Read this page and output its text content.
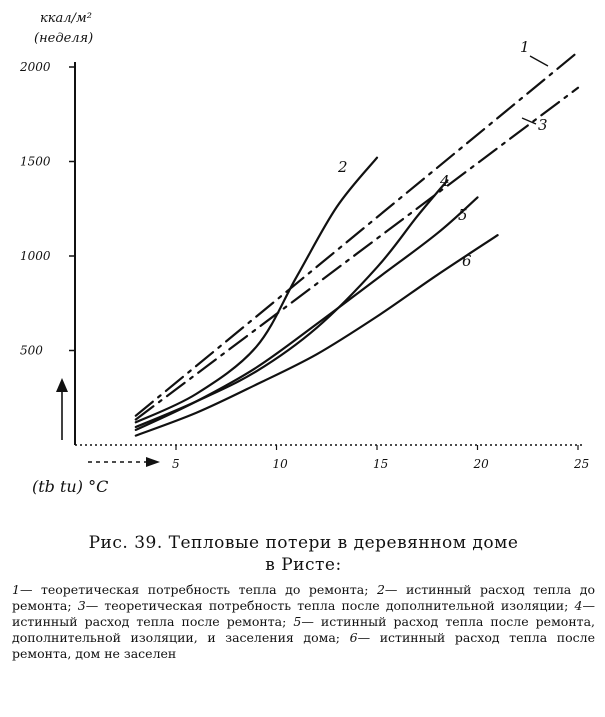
500
1000
1500
2000
5	10	15	20	25
1
2
3
4
5
6
ккал/м²
(неделя)
(tb tu) °C

Рис. 39. Тепловые потери в деревянном доме
в Ристе:

1— теоретическая потребность тепла до ремонта; 2— истинный расход тепла до ремонта; 3— теоретическая потребность тепла после дополнительной изоляции; 4— истинный расход тепла после ремонта; 5— истинный расход тепла после ремонта, дополнительной изоляции, и заселения дома; 6— истинный расход тепла после ремонта, дом не заселен
